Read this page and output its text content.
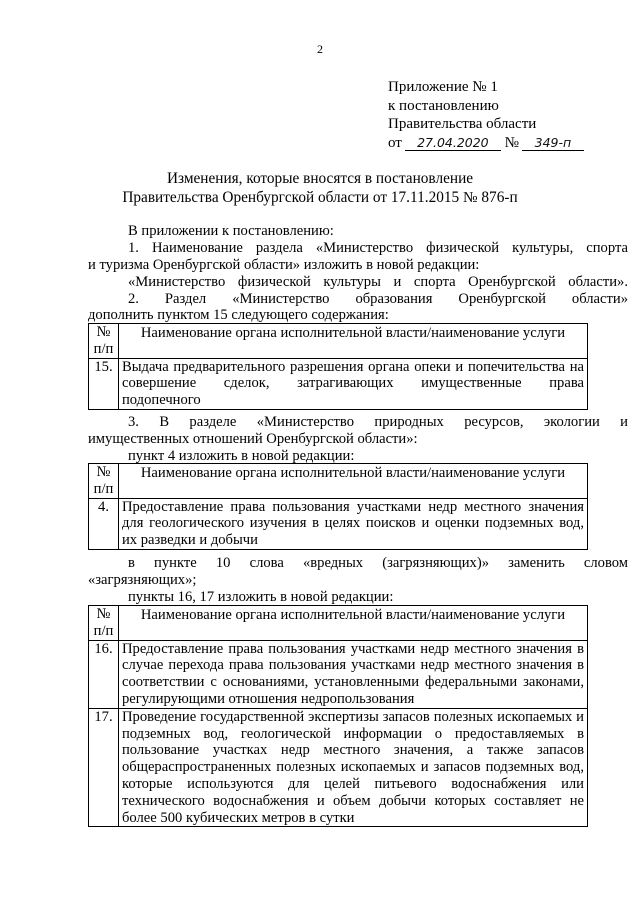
2
Приложение № 1
к постановлению
Правительства области
от 27.04.2020 № 349-п
Изменения, которые вносятся в постановление
Правительства Оренбургской области от 17.11.2015 № 876-п
В приложении к постановлению:
1. Наименование раздела «Министерство физической культуры, спорта
и туризма Оренбургской области» изложить в новой редакции:
«Министерство физической культуры и спорта Оренбургской области».
2. Раздел «Министерство образования Оренбургской области»
дополнить пунктом 15 следующего содержания:
№
п/п	Наименование органа исполнительной власти/наименование услуги
15.	Выдача предварительного разрешения органа опеки и попечительства на совершение сделок, затрагивающих имущественные права
подопечного
3. В разделе «Министерство природных ресурсов, экологии и
имущественных отношений Оренбургской области»:
пункт 4 изложить в новой редакции:
№
п/п	Наименование органа исполнительной власти/наименование услуги
4.	Предоставление права пользования участками недр местного значения для геологического изучения в целях поисков и оценки подземных вод,
их разведки и добычи
в пункте 10 слова «вредных (загрязняющих)» заменить словом
«загрязняющих»;
пункты 16, 17 изложить в новой редакции:
№
п/п	Наименование органа исполнительной власти/наименование услуги
16.	Предоставление права пользования участками недр местного значения в случае перехода права пользования участками недр местного значения в соответствии с основаниями, установленными федеральными законами,
регулирующими отношения недропользования

17.	Проведение государственной экспертизы запасов полезных ископаемых и подземных вод, геологической информации о предоставляемых в пользование участках недр местного значения, а также запасов общераспространенных полезных ископаемых и запасов подземных вод, которые используются для целей питьевого водоснабжения или технического водоснабжения и объем добычи которых составляет не
более 500 кубических метров в сутки
